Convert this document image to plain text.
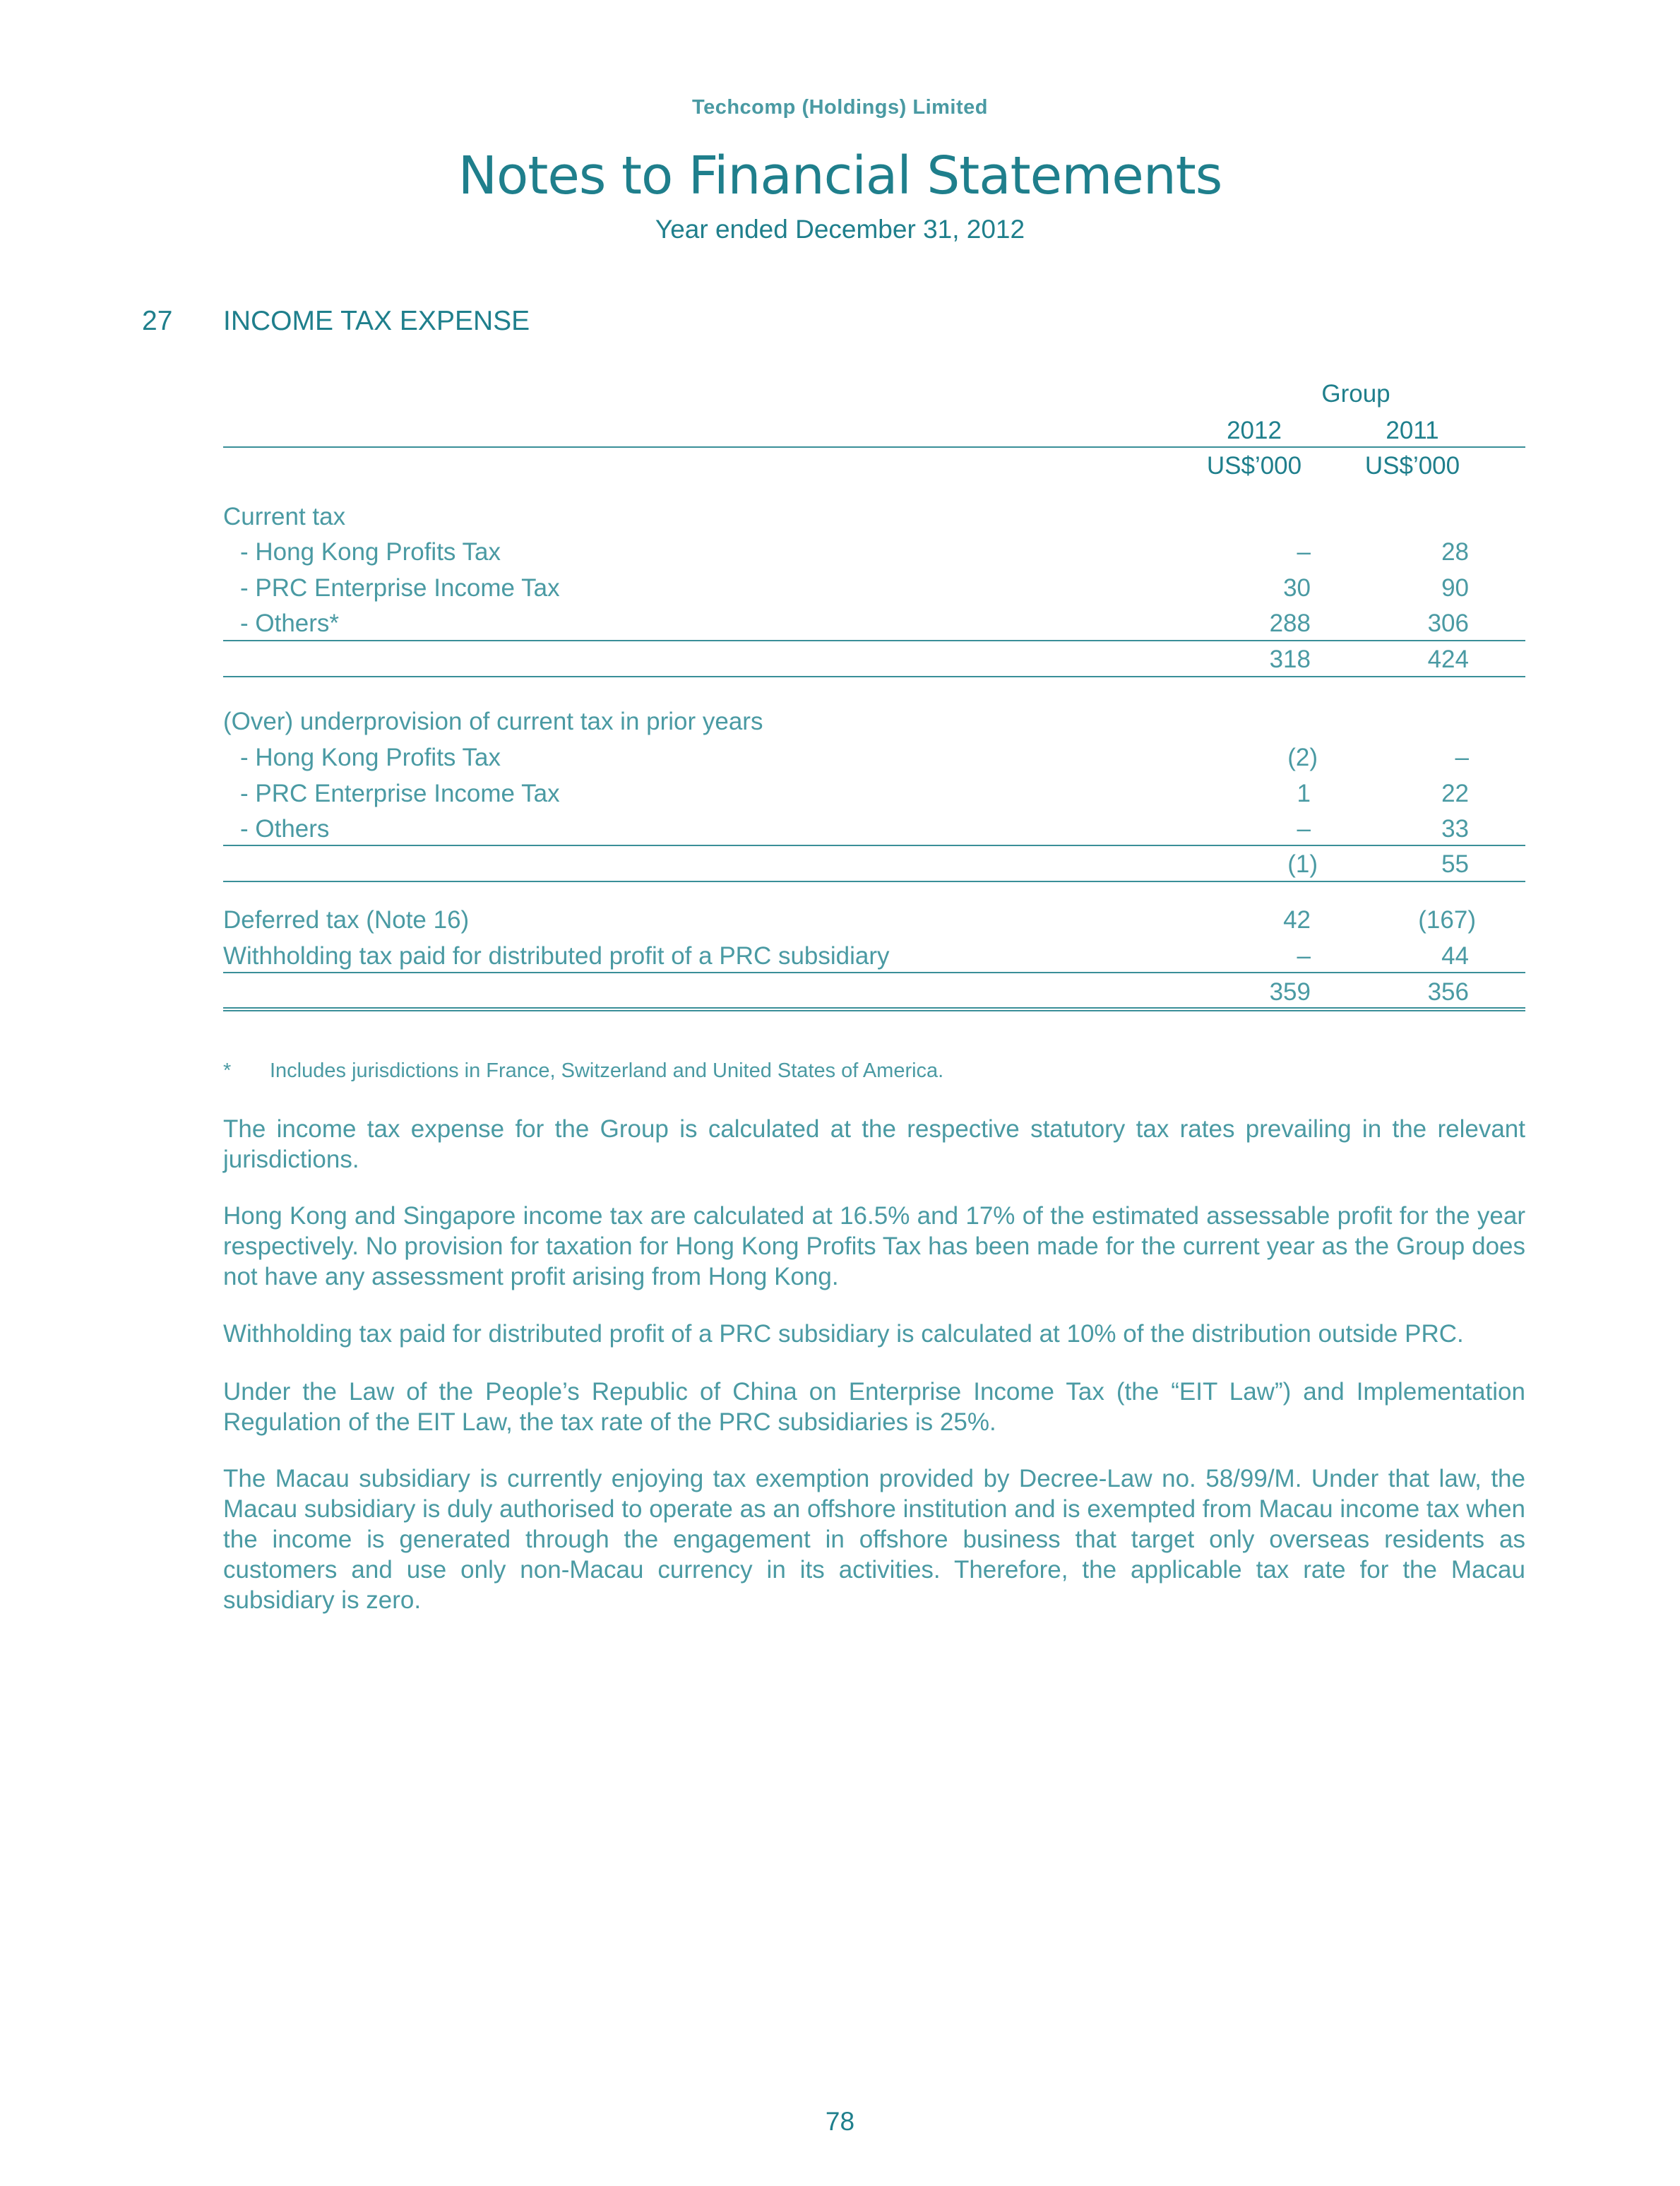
Techcomp (Holdings) Limited
Notes to Financial Statements
Year ended December 31, 2012
27 INCOME TAX EXPENSE
Group
2012	2011
US$’000	US$’000
Current tax
- Hong Kong Profits Tax	–	28
- PRC Enterprise Income Tax	30	90
- Others*	288	306
318	424
(Over) underprovision of current tax in prior years
- Hong Kong Profits Tax	(2)	–
- PRC Enterprise Income Tax	1	22
- Others	–	33
(1)	55
Deferred tax (Note 16)	42	(167)
Withholding tax paid for distributed profit of a PRC subsidiary	–	44
359	356
* Includes jurisdictions in France, Switzerland and United States of America.
The income tax expense for the Group is calculated at the respective statutory tax rates prevailing in the relevant jurisdictions.
Hong Kong and Singapore income tax are calculated at 16.5% and 17% of the estimated assessable profit for the year respectively. No provision for taxation for Hong Kong Profits Tax has been made for the current year as the Group does not have any assessment profit arising from Hong Kong.
Withholding tax paid for distributed profit of a PRC subsidiary is calculated at 10% of the distribution outside PRC.
Under the Law of the People’s Republic of China on Enterprise Income Tax (the “EIT Law”) and Implementation Regulation of the EIT Law, the tax rate of the PRC subsidiaries is 25%.
The Macau subsidiary is currently enjoying tax exemption provided by Decree-Law no. 58/99/M. Under that law, the Macau subsidiary is duly authorised to operate as an offshore institution and is exempted from Macau income tax when the income is generated through the engagement in offshore business that target only overseas residents as customers and use only non-Macau currency in its activities. Therefore, the applicable tax rate for the Macau subsidiary is zero.
78
